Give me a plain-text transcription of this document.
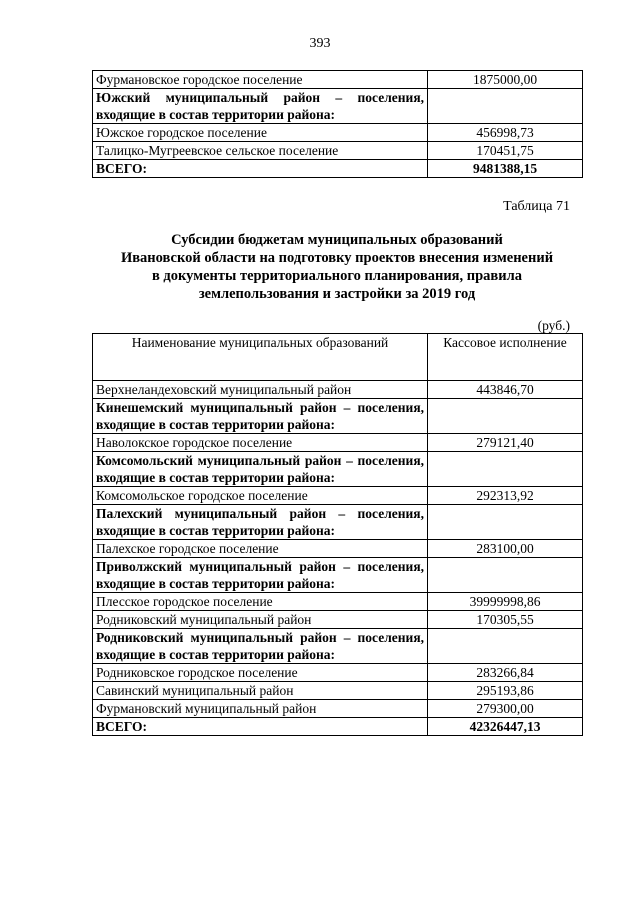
393
Фурмановское городское поселение	1875000,00
Южский муниципальный район – поселения, входящие в состав территории района:	
Южское городское поселение	456998,73
Талицко-Мугреевское сельское поселение	170451,75
ВСЕГО:	9481388,15
Таблица 71
Субсидии бюджетам муниципальных образований
Ивановской области на подготовку проектов внесения изменений
в документы территориального планирования, правила
землепользования и застройки за 2019 год
(руб.)
Наименование муниципальных образований	Кассовое исполнение
Верхнеландеховский муниципальный район	443846,70
Кинешемский муниципальный район – поселения, входящие в состав территории района:	
Наволокское городское поселение	279121,40
Комсомольский муниципальный район – поселения, входящие в состав территории района:	
Комсомольское городское поселение	292313,92
Палехский муниципальный район – поселения, входящие в состав территории района:	
Палехское городское поселение	283100,00
Приволжский муниципальный район – поселения, входящие в состав территории района:	
Плесское городское поселение	39999998,86
Родниковский муниципальный район	170305,55
Родниковский муниципальный район – поселения, входящие в состав территории района:	
Родниковское городское поселение	283266,84
Савинский муниципальный район	295193,86
Фурмановский муниципальный район	279300,00
ВСЕГО:	42326447,13
